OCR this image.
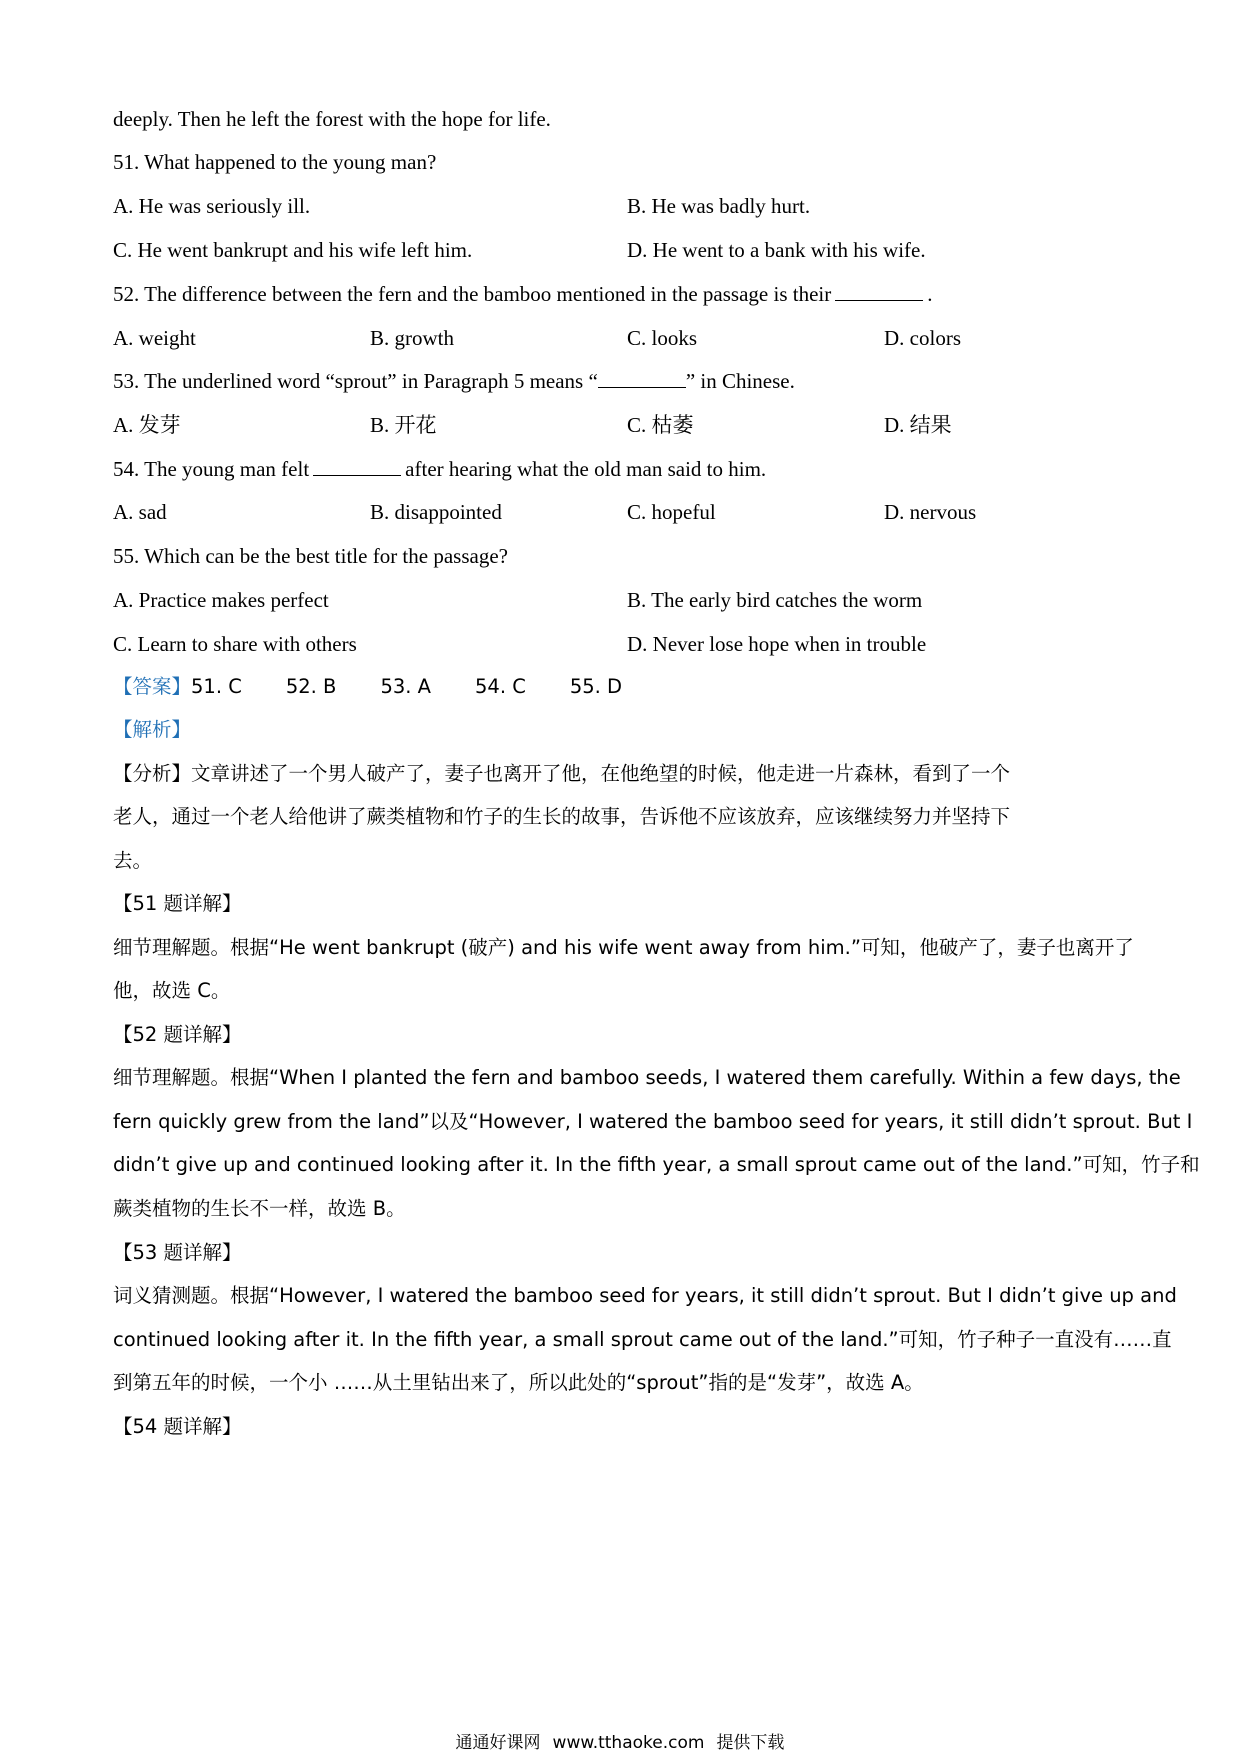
deeply. Then he left the forest with the hope for life.
51. What happened to the young man?
A. He was seriously ill.	B. He was badly hurt.
C. He went bankrupt and his wife left him.	D. He went to a bank with his wife.
52. The difference between the fern and the bamboo mentioned in the passage is their	.
A. weight	B. growth	C. looks	D. colors
53. The underlined word “sprout” in Paragraph 5 means “	” in Chinese.
A. 发芽	B. 开花	C. 枯萎	D. 结果
54. The young man felt	after hearing what the old man said to him.
A. sad	B. disappointed	C. hopeful	D. nervous
55. Which can be the best title for the passage?
A. Practice makes perfect	B. The early bird catches the worm
C. Learn to share with others	D. Never lose hope when in trouble
【答案】51. C 52. B 53. A 54. C 55. D
【解析】
【分析】文章讲述了一个男人破产了，妻子也离开了他，在他绝望的时候，他走进一片森林，看到了一个
老人，通过一个老人给他讲了蕨类植物和竹子的生长的故事，告诉他不应该放弃，应该继续努力并坚持下
去。
【51 题详解】
细节理解题。根据“He went bankrupt (破产) and his wife went away from him.”可知，他破产了，妻子也离开了
他，故选 C。
【52 题详解】
细节理解题。根据“When I planted the fern and bamboo seeds, I watered them carefully. Within a few days, the
fern quickly grew from the land”以及“However, I watered the bamboo seed for years, it still didn’t sprout. But I
didn’t give up and continued looking after it. In the fifth year, a small sprout came out of the land.”可知，竹子和
蕨类植物的生长不一样，故选 B。
【53 题详解】
词义猜测题。根据“However, I watered the bamboo seed for years, it still didn’t sprout. But I didn’t give up and
continued looking after it. In the fifth year, a small sprout came out of the land.”可知，竹子种子一直没有……直
到第五年的时候，一个小 ……从土里钻出来了，所以此处的“sprout”指的是“发芽”，故选 A。
【54 题详解】
通通好课网 www.tthaoke.com 提供下载
